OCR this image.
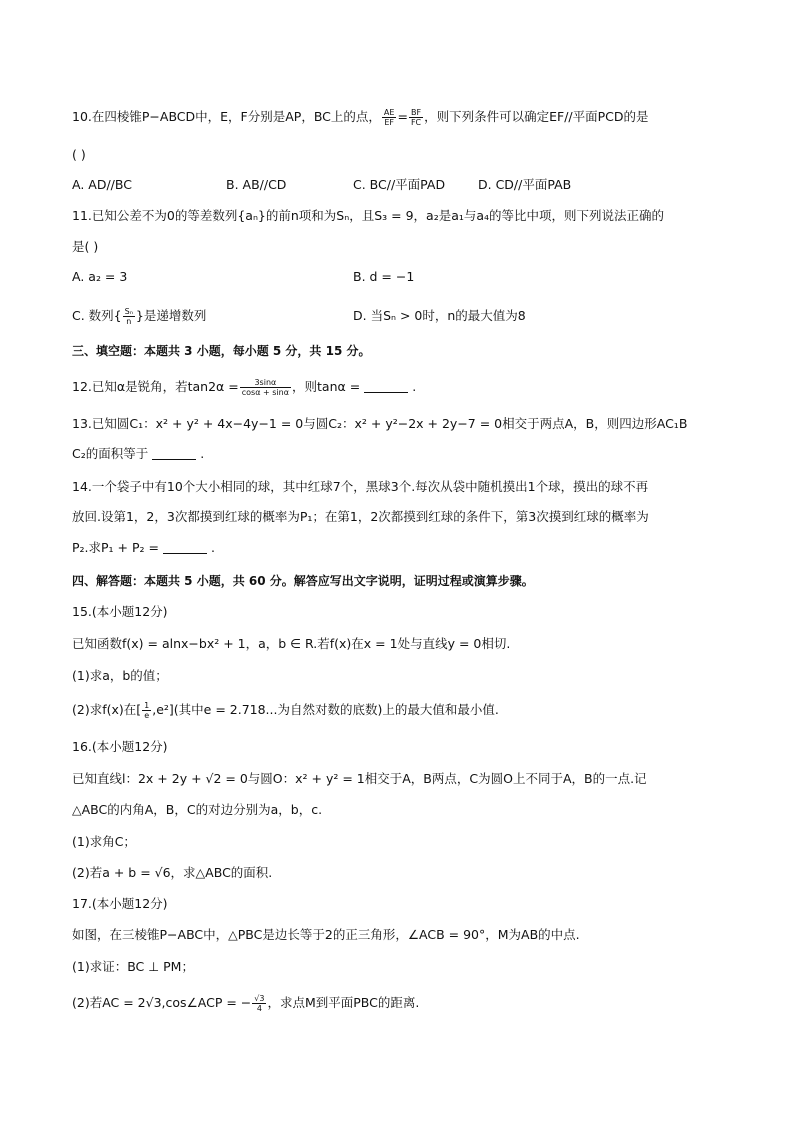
10.在四棱锥P−ABCD中，E，F分别是AP，BC上的点， $\frac{AE}{EF} = \frac{BF}{FC}$ ，则下列条件可以确定EF//平面PCD的是
( )
A. AD//BC	B. AB//CD	C. BC//平面PAD	D. CD//平面PAB
11.已知公差不为0的等差数列{aₙ}的前n项和为Sₙ，且S₃ = 9，a₂是a₁与a₄的等比中项，则下列说法正确的
是( )
A. a₂ = 3	B. d = −1
C. 数列{ $\frac{\text{Sₙ}}{n}$ }是递增数列	D. 当Sₙ > 0时，n的最大值为8
三、填空题：本题共 3 小题，每小题 5 分，共 15 分。
12.已知α是锐角，若$\tan 2\alpha = \frac{3\sin\alpha}{\cos\alpha + \sin\alpha}$ ，则tanα =	.
13.已知圆C₁：x² + y² + 4x−4y−1 = 0与圆C₂：x² + y²−2x + 2y−7 = 0相交于两点A，B，则四边形AC₁B
C₂的面积等于	.
14.一个袋子中有10个大小相同的球，其中红球7个，黑球3个.每次从袋中随机摸出1个球，摸出的球不再
放回.设第1，2，3次都摸到红球的概率为P₁；在第1，2次都摸到红球的条件下，第3次摸到红球的概率为
P₂.求P₁ + P₂ =	.
四、解答题：本题共 5 小题，共 60 分。解答应写出文字说明，证明过程或演算步骤。
15.(本小题12分)
已知函数f(x) = alnx−bx² + 1，a，b ∈ R.若f(x)在x = 1处与直线y = 0相切.
(1)求a，b的值；
(2)求f(x)在[ $\frac{1}{e} ,e^2$](其中e = 2.718...为自然对数的底数)上的最大值和最小值.
16.(本小题12分)
已知直线l：2x + 2y + √2 = 0与圆O：x² + y² = 1相交于A，B两点，C为圆O上不同于A，B的一点.记
△ABC的内角A，B，C的对边分别为a，b，c.
(1)求角C；
(2)若a + b = √6，求△ABC的面积.
17.(本小题12分)
如图，在三棱锥P−ABC中，△PBC是边长等于2的正三角形，∠ACB = 90°，M为AB的中点.
(1)求证：BC ⊥ PM；
(2)若AC = 2√3,cos∠ACP = − $\frac{√3}{4}$ ，求点M到平面PBC的距离.
